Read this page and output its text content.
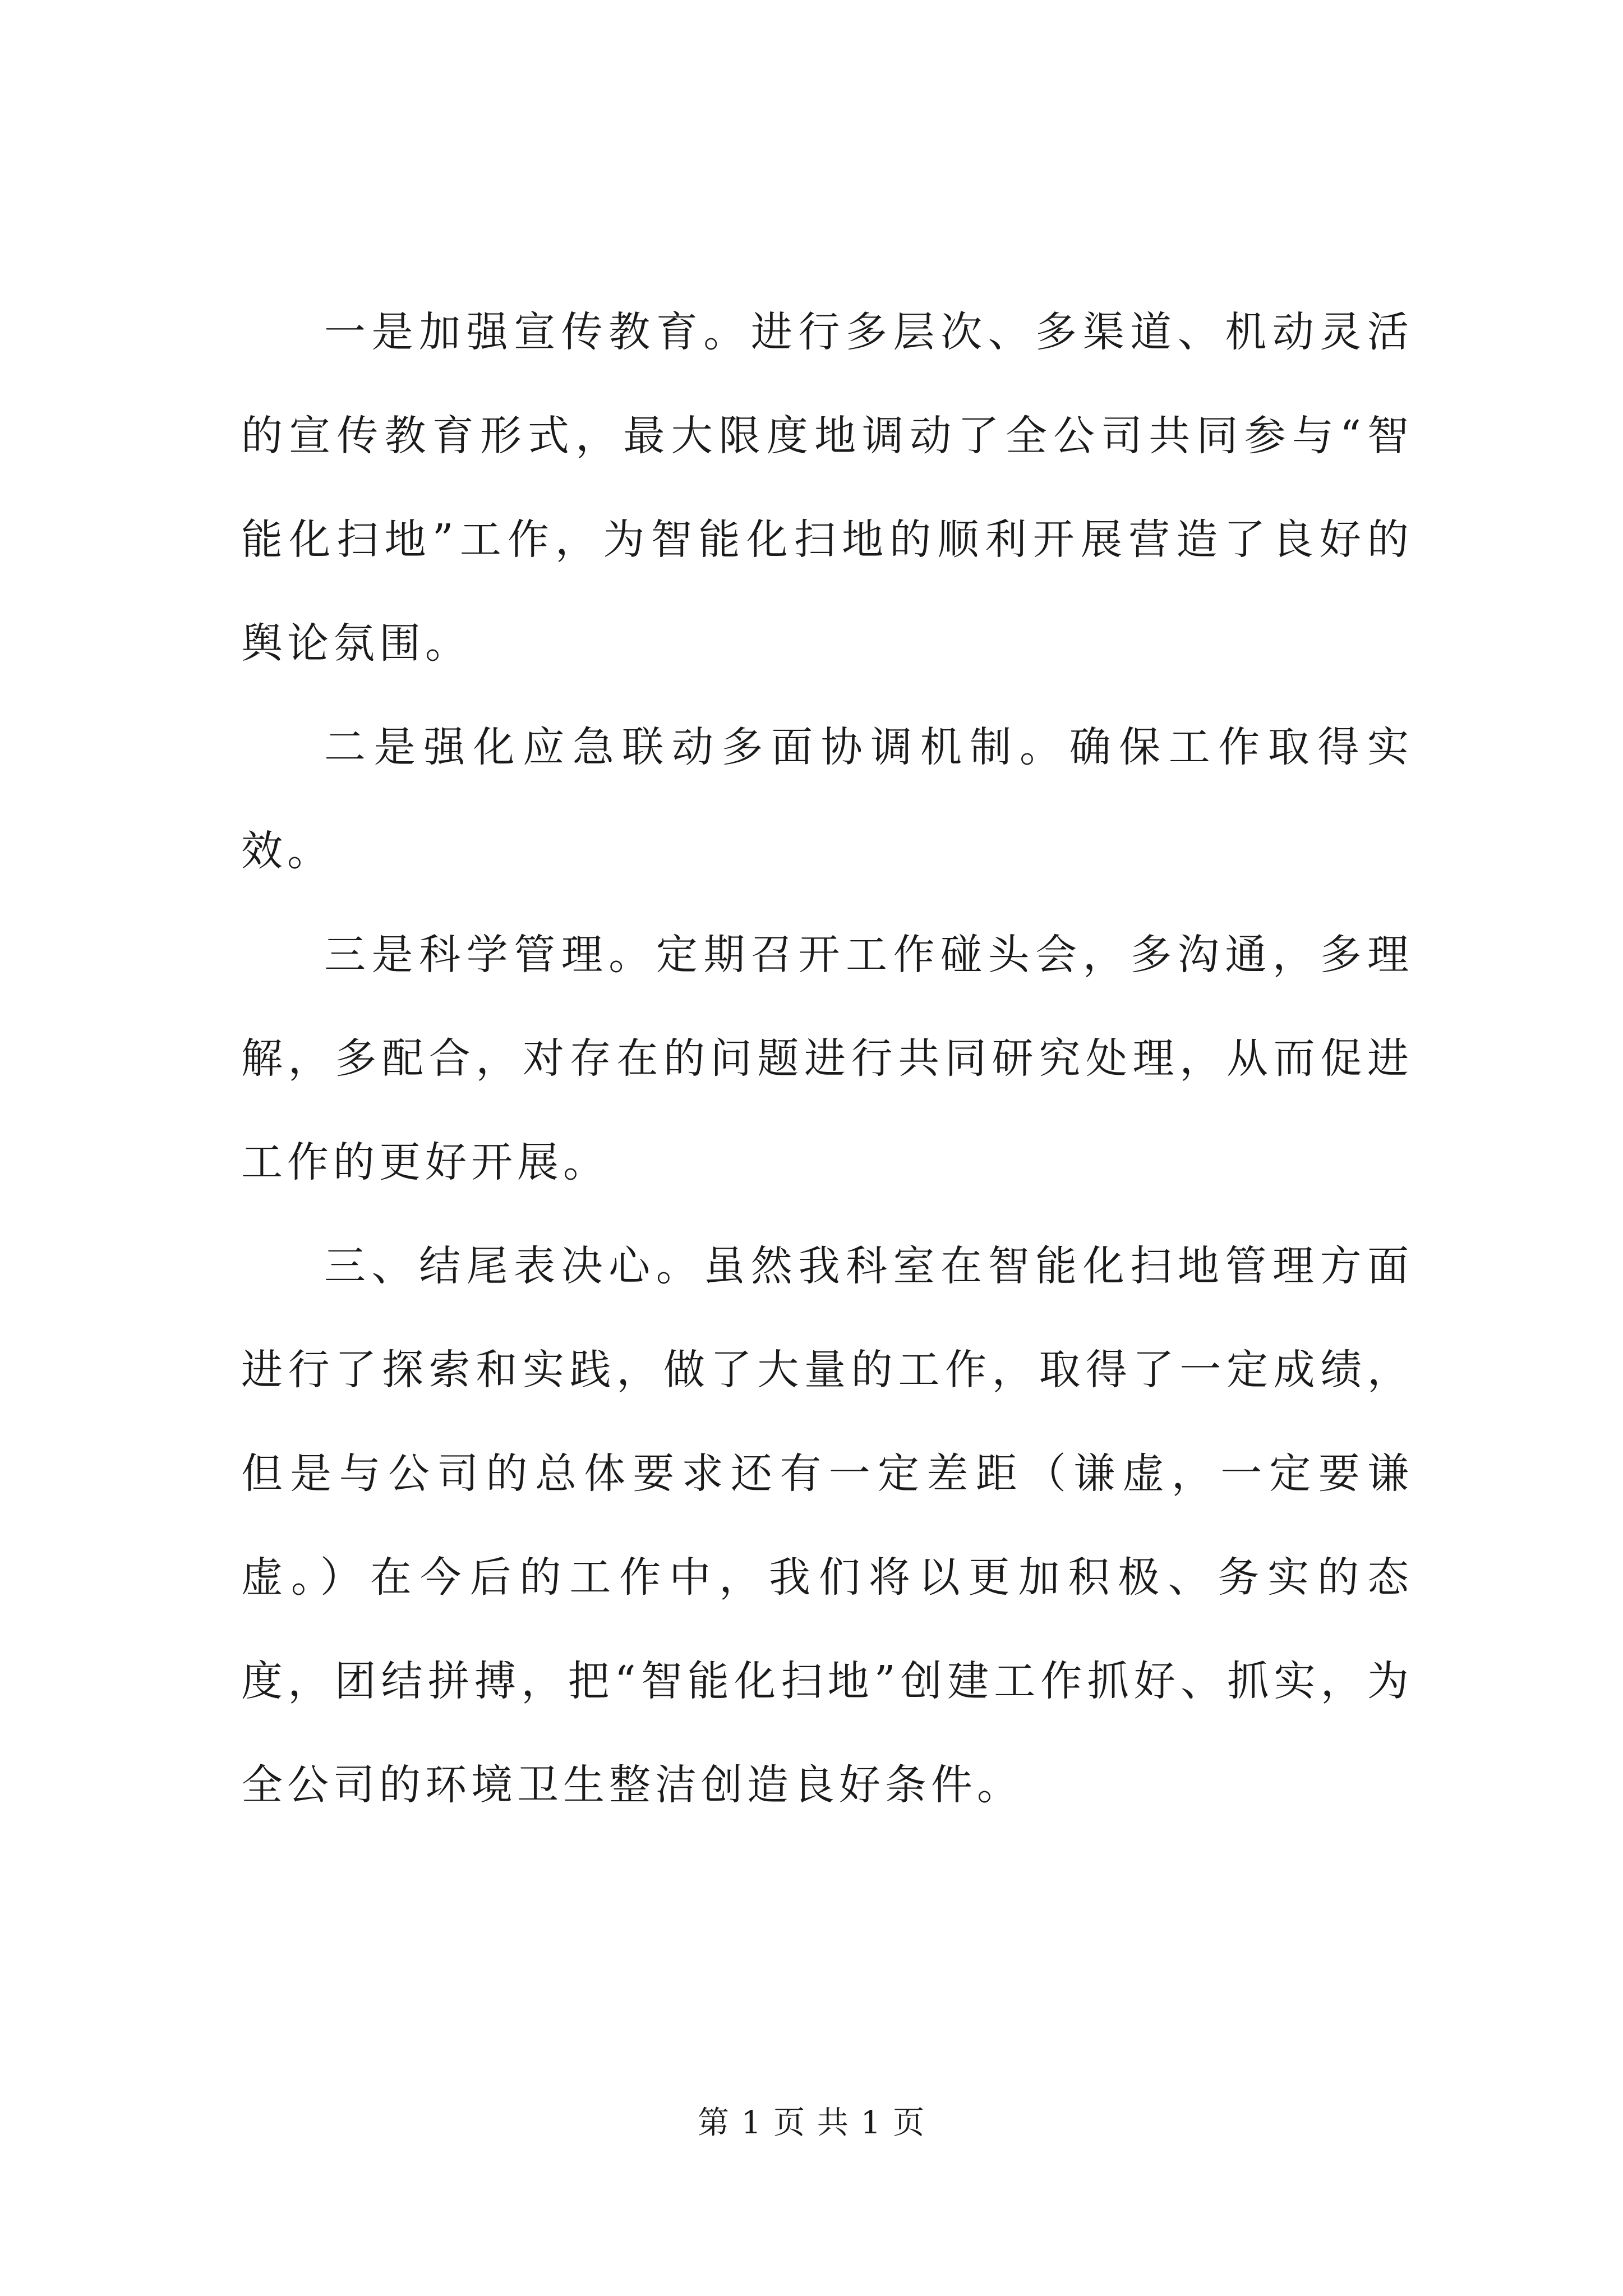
一是加强宣传教育。进行多层次、多渠道、机动灵活的宣传教育形式，最大限度地调动了全公司共同参与“智能化扫地”工作，为智能化扫地的顺利开展营造了良好的舆论氛围。

二是强化应急联动多面协调机制。确保工作取得实效。

三是科学管理。定期召开工作碰头会，多沟通，多理解，多配合，对存在的问题进行共同研究处理，从而促进工作的更好开展。

三、结尾表决心。虽然我科室在智能化扫地管理方面进行了探索和实践，做了大量的工作，取得了一定成绩，但是与公司的总体要求还有一定差距（谦虚，一定要谦虚。）在今后的工作中，我们将以更加积极、务实的态度，团结拼搏，把“智能化扫地”创建工作抓好、抓实，为全公司的环境卫生整洁创造良好条件。

第 1 页 共 1 页
